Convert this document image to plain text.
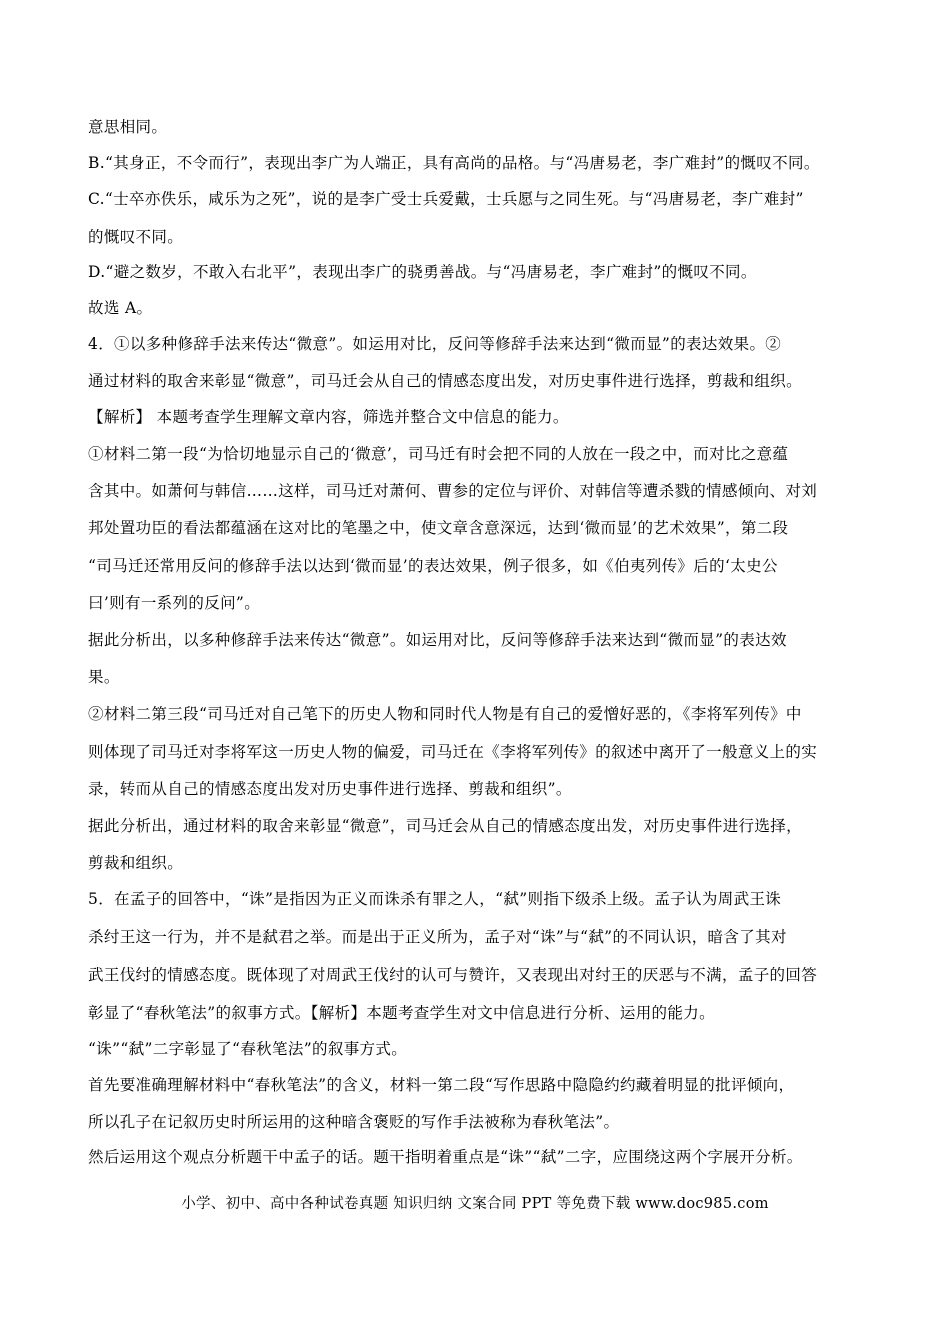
意思相同。
B.“其身正，不令而行”，表现出李广为人端正，具有高尚的品格。与“冯唐易老，李广难封”的慨叹不同。
C.“士卒亦佚乐，咸乐为之死”，说的是李广受士兵爱戴，士兵愿与之同生死。与“冯唐易老，李广难封”
的慨叹不同。
D.“避之数岁，不敢入右北平”，表现出李广的骁勇善战。与“冯唐易老，李广难封”的慨叹不同。
故选 A。
4．①以多种修辞手法来传达“微意”。如运用对比，反问等修辞手法来达到“微而显”的表达效果。②
通过材料的取舍来彰显“微意”，司马迁会从自己的情感态度出发，对历史事件进行选择，剪裁和组织。
【解析】 本题考查学生理解文章内容，筛选并整合文中信息的能力。
①材料二第一段“为恰切地显示自己的‘微意’，司马迁有时会把不同的人放在一段之中，而对比之意蕴
含其中。如萧何与韩信……这样，司马迁对萧何、曹参的定位与评价、对韩信等遭杀戮的情感倾向、对刘
邦处置功臣的看法都蕴涵在这对比的笔墨之中，使文章含意深远，达到‘微而显’的艺术效果”，第二段
“司马迁还常用反问的修辞手法以达到‘微而显’的表达效果，例子很多，如《伯夷列传》后的‘太史公
曰’则有一系列的反问”。
据此分析出，以多种修辞手法来传达“微意”。如运用对比，反问等修辞手法来达到“微而显”的表达效
果。
②材料二第三段“司马迁对自己笔下的历史人物和同时代人物是有自己的爱憎好恶的，《李将军列传》中
则体现了司马迁对李将军这一历史人物的偏爱，司马迁在《李将军列传》的叙述中离开了一般意义上的实
录，转而从自己的情感态度出发对历史事件进行选择、剪裁和组织”。
据此分析出，通过材料的取舍来彰显“微意”，司马迁会从自己的情感态度出发，对历史事件进行选择，
剪裁和组织。
5．在孟子的回答中，“诛”是指因为正义而诛杀有罪之人，“弑”则指下级杀上级。孟子认为周武王诛
杀纣王这一行为，并不是弑君之举。而是出于正义所为，孟子对“诛”与“弑”的不同认识，暗含了其对
武王伐纣的情感态度。既体现了对周武王伐纣的认可与赞许，又表现出对纣王的厌恶与不满，孟子的回答
彰显了“春秋笔法”的叙事方式。【解析】本题考查学生对文中信息进行分析、运用的能力。
“诛”“弑”二字彰显了“春秋笔法”的叙事方式。
首先要准确理解材料中“春秋笔法”的含义，材料一第二段“写作思路中隐隐约约藏着明显的批评倾向，
所以孔子在记叙历史时所运用的这种暗含褒贬的写作手法被称为春秋笔法”。
然后运用这个观点分析题干中孟子的话。题干指明着重点是“诛”“弑”二字，应围绕这两个字展开分析。
小学、初中、高中各种试卷真题 知识归纳 文案合同 PPT 等免费下载 www.doc985.com
